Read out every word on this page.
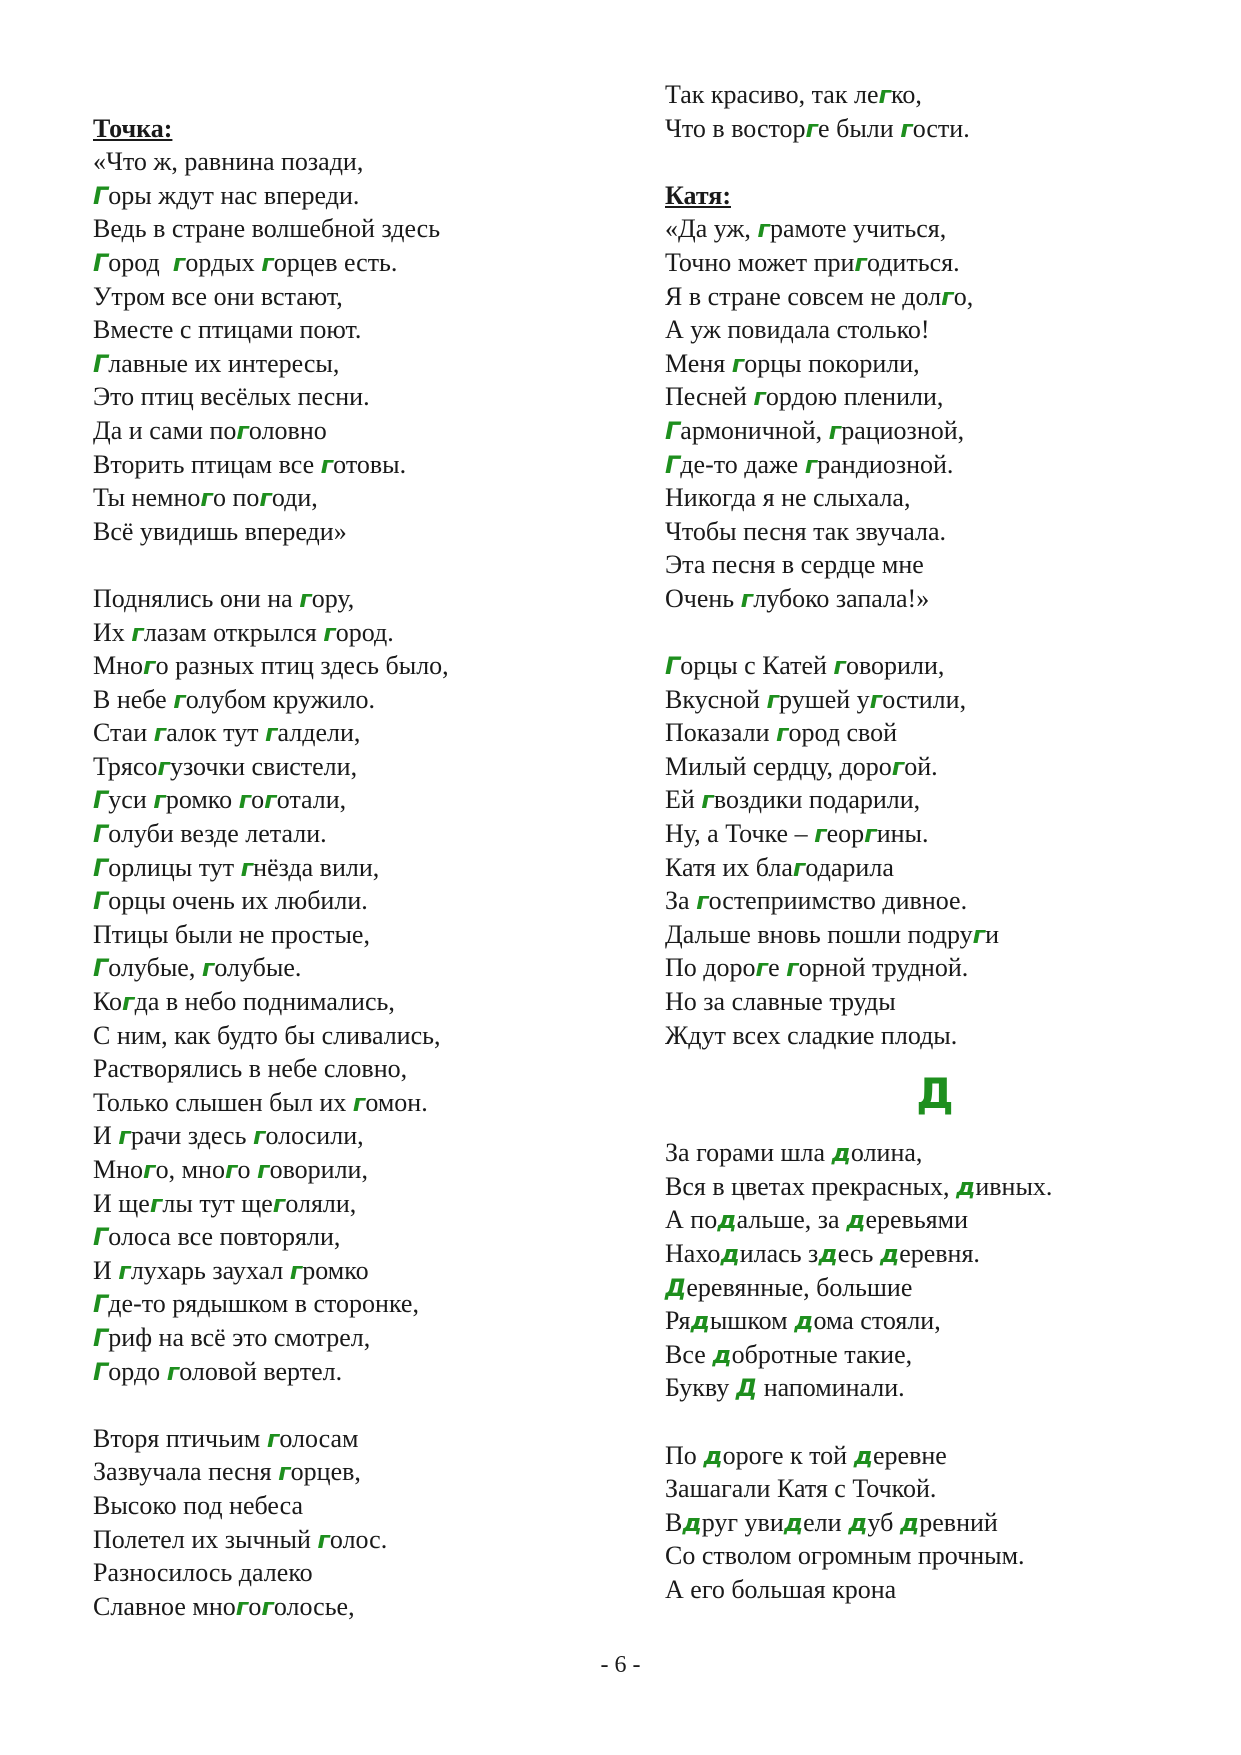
Точка:
«Что ж, равнина позади,
Горы ждут нас впереди.
Ведь в стране волшебной здесь
Город  гордых горцев есть.
Утром все они встают,
Вместе с птицами поют.
Главные их интересы,
Это птиц весёлых песни.
Да и сами поголовно
Вторить птицам все готовы.
Ты немного погоди,
Всё увидишь впереди»
Поднялись они на гору,
Их глазам открылся город.
Много разных птиц здесь было,
В небе голубом кружило.
Стаи галок тут галдели,
Трясогузочки свистели,
Гуси громко гоготали,
Голуби везде летали.
Горлицы тут гнёзда вили,
Горцы очень их любили.
Птицы были не простые,
Голубые, голубые.
Когда в небо поднимались,
С ним, как будто бы сливались,
Растворялись в небе словно,
Только слышен был их гомон.
И грачи здесь голосили,
Много, много говорили,
И щеглы тут щеголяли,
Голоса все повторяли,
И глухарь заухал громко
Где-то рядышком в сторонке,
Гриф на всё это смотрел,
Гордо головой вертел.
Вторя птичьим голосам
Зазвучала песня горцев,
Высоко под небеса
Полетел их зычный голос.
Разносилось далеко
Славное многоголосье,
Так красиво, так легко,
Что в восторге были гости.
Катя:
«Да уж, грамоте учиться,
Точно может пригодиться.
Я в стране совсем не долго,
А уж повидала столько!
Меня горцы покорили,
Песней гордою пленили,
Гармоничной, грациозной,
Где-то даже грандиозной.
Никогда я не слыхала,
Чтобы песня так звучала.
Эта песня в сердце мне
Очень глубоко запала!»
Горцы с Катей говорили,
Вкусной грушей угостили,
Показали город свой
Милый сердцу, дорогой.
Ей гвоздики подарили,
Ну, а Точке – георгины.
Катя их благодарила
За гостеприимство дивное.
Дальше вновь пошли подруги
По дороге горной трудной.
Но за славные труды
Ждут всех сладкие плоды.
Д
За горами шла долина,
Вся в цветах прекрасных, дивных.
А подальше, за деревьями
Находилась здесь деревня.
Деревянные, большие
Рядышком дома стояли,
Все добротные такие,
Букву Д напоминали.
По дороге к той деревне
Зашагали Катя с Точкой.
Вдруг увидели дуб древний
Со стволом огромным прочным.
А его большая крона
- 6 -
